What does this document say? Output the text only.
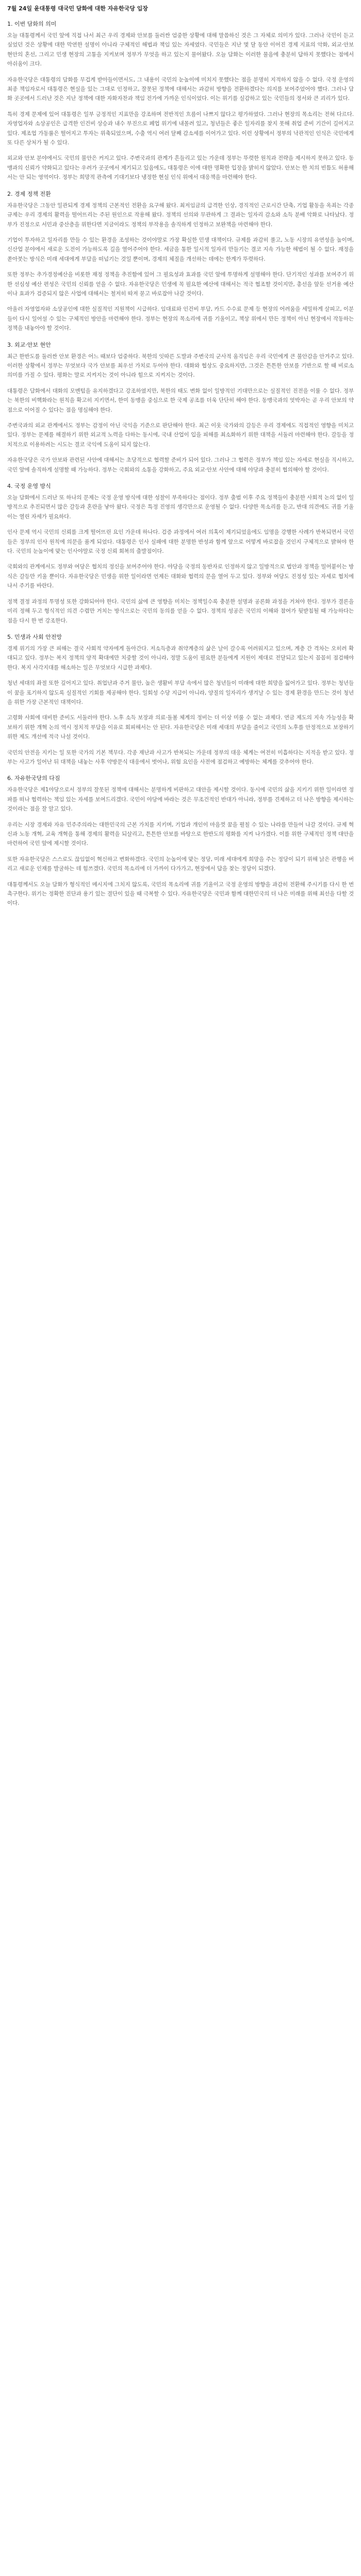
7월 24일 윤대통령 대국민 담화에 대한 자유한국당 입장
1. 이번 담화의 의미

오늘 대통령께서 국민 앞에 직접 나서 최근 우리 경제와 안보를 둘러싼 엄중한 상황에 대해 말씀하신 것은 그 자체로 의미가 있다. 그러나 국민이 듣고 싶었던 것은 상황에 대한 막연한 설명이 아니라 구체적인 해법과 책임 있는 자세였다. 국민들은 지난 몇 달 동안 이어진 경제 지표의 악화, 외교·안보 현안의 혼선, 그리고 민생 현장의 고통을 지켜보며 정부가 무엇을 하고 있는지 물어왔다. 오늘 담화는 이러한 물음에 충분히 답하지 못했다는 점에서 아쉬움이 크다.

자유한국당은 대통령의 담화를 무겁게 받아들이면서도, 그 내용이 국민의 눈높이에 미치지 못했다는 점을 분명히 지적하지 않을 수 없다. 국정 운영의 최종 책임자로서 대통령은 현실을 있는 그대로 인정하고, 잘못된 정책에 대해서는 과감히 방향을 전환하겠다는 의지를 보여주었어야 했다. 그러나 담화 곳곳에서 드러난 것은 지난 정책에 대한 자화자찬과 책임 전가에 가까운 인식이었다. 이는 위기를 실감하고 있는 국민들의 정서와 큰 괴리가 있다.

특히 경제 문제에 있어 대통령은 일부 긍정적인 지표만을 강조하며 전반적인 흐름이 나쁘지 않다고 평가하였다. 그러나 현장의 목소리는 전혀 다르다. 자영업자와 소상공인은 급격한 인건비 상승과 내수 부진으로 폐업 위기에 내몰려 있고, 청년들은 좋은 일자리를 찾지 못해 취업 준비 기간이 길어지고 있다. 제조업 가동률은 떨어지고 투자는 위축되었으며, 수출 역시 여러 달째 감소세를 이어가고 있다. 이런 상황에서 정부의 낙관적인 인식은 국민에게 또 다른 상처가 될 수 있다.

외교와 안보 분야에서도 국민의 불안은 커지고 있다. 주변국과의 관계가 흔들리고 있는 가운데 정부는 뚜렷한 원칙과 전략을 제시하지 못하고 있다. 동맹과의 신뢰가 약화되고 있다는 우려가 곳곳에서 제기되고 있음에도, 대통령은 이에 대한 명확한 입장을 밝히지 않았다. 안보는 한 치의 빈틈도 허용해서는 안 되는 영역이다. 정부는 희망적 관측에 기대기보다 냉정한 현실 인식 위에서 대응책을 마련해야 한다.

2. 경제 정책 전환

자유한국당은 그동안 일관되게 경제 정책의 근본적인 전환을 요구해 왔다. 최저임금의 급격한 인상, 경직적인 근로시간 단축, 기업 활동을 옥죄는 각종 규제는 우리 경제의 활력을 떨어뜨리는 주된 원인으로 작용해 왔다. 정책의 선의와 무관하게 그 결과는 일자리 감소와 소득 분배 악화로 나타났다. 정부가 진정으로 서민과 중산층을 위한다면 지금이라도 정책의 부작용을 솔직하게 인정하고 보완책을 마련해야 한다.

기업이 투자하고 일자리를 만들 수 있는 환경을 조성하는 것이야말로 가장 확실한 민생 대책이다. 규제를 과감히 풀고, 노동 시장의 유연성을 높이며, 신산업 분야에서 새로운 도전이 가능하도록 길을 열어주어야 한다. 세금을 통한 일시적 일자리 만들기는 결코 지속 가능한 해법이 될 수 없다. 재정을 쏟아붓는 방식은 미래 세대에게 부담을 떠넘기는 것일 뿐이며, 경제의 체질을 개선하는 데에는 한계가 뚜렷하다.

또한 정부는 추가경정예산을 비롯한 재정 정책을 추진함에 있어 그 필요성과 효과를 국민 앞에 투명하게 설명해야 한다. 단기적인 성과를 보여주기 위한 선심성 예산 편성은 국민의 신뢰를 얻을 수 없다. 자유한국당은 민생에 꼭 필요한 예산에 대해서는 적극 협조할 것이지만, 총선을 앞둔 선거용 예산이나 효과가 검증되지 않은 사업에 대해서는 철저히 따져 묻고 바로잡아 나갈 것이다.

아울러 자영업자와 소상공인에 대한 실질적인 지원책이 시급하다. 임대료와 인건비 부담, 카드 수수료 문제 등 현장의 어려움을 세밀하게 살피고, 이분들이 다시 일어설 수 있는 구체적인 방안을 마련해야 한다. 정부는 현장의 목소리에 귀를 기울이고, 책상 위에서 만든 정책이 아닌 현장에서 작동하는 정책을 내놓아야 할 것이다.

3. 외교·안보 현안

최근 한반도를 둘러싼 안보 환경은 어느 때보다 엄중하다. 북한의 잇따른 도발과 주변국의 군사적 움직임은 우리 국민에게 큰 불안감을 안겨주고 있다. 이러한 상황에서 정부는 무엇보다 국가 안보를 최우선 가치로 두어야 한다. 대화와 협상도 중요하지만, 그것은 튼튼한 안보를 기반으로 할 때 비로소 의미를 가질 수 있다. 평화는 말로 지켜지는 것이 아니라 힘으로 지켜지는 것이다.

대통령은 담화에서 대화의 모멘텀을 유지하겠다고 강조하였지만, 북한의 태도 변화 없이 일방적인 기대만으로는 실질적인 진전을 이룰 수 없다. 정부는 북한의 비핵화라는 원칙을 확고히 지키면서, 한미 동맹을 중심으로 한 국제 공조를 더욱 단단히 해야 한다. 동맹국과의 엇박자는 곧 우리 안보의 약점으로 이어질 수 있다는 점을 명심해야 한다.

주변국과의 외교 관계에서도 정부는 감정이 아닌 국익을 기준으로 판단해야 한다. 최근 이웃 국가와의 갈등은 우리 경제에도 직접적인 영향을 미치고 있다. 정부는 문제를 해결하기 위한 외교적 노력을 다하는 동시에, 국내 산업이 입을 피해를 최소화하기 위한 대책을 서둘러 마련해야 한다. 갈등을 정치적으로 이용하려는 시도는 결코 국익에 도움이 되지 않는다.

자유한국당은 국가 안보와 관련된 사안에 대해서는 초당적으로 협력할 준비가 되어 있다. 그러나 그 협력은 정부가 책임 있는 자세로 현실을 직시하고, 국민 앞에 솔직하게 설명할 때 가능하다. 정부는 국회와의 소통을 강화하고, 주요 외교·안보 사안에 대해 야당과 충분히 협의해야 할 것이다.

4. 국정 운영 방식

오늘 담화에서 드러난 또 하나의 문제는 국정 운영 방식에 대한 성찰이 부족하다는 점이다. 정부 출범 이후 주요 정책들이 충분한 사회적 논의 없이 일방적으로 추진되면서 많은 갈등과 혼란을 낳아 왔다. 국정은 특정 진영의 생각만으로 운영될 수 없다. 다양한 목소리를 듣고, 반대 의견에도 귀를 기울이는 열린 자세가 필요하다.

인사 문제 역시 국민의 신뢰를 크게 떨어뜨린 요인 가운데 하나다. 검증 과정에서 여러 의혹이 제기되었음에도 임명을 강행한 사례가 반복되면서 국민들은 정부의 인사 원칙에 의문을 품게 되었다. 대통령은 인사 실패에 대한 분명한 반성과 함께 앞으로 어떻게 바로잡을 것인지 구체적으로 밝혀야 한다. 국민의 눈높이에 맞는 인사야말로 국정 신뢰 회복의 출발점이다.

국회와의 관계에서도 정부와 여당은 협치의 정신을 보여주어야 한다. 야당을 국정의 동반자로 인정하지 않고 일방적으로 법안과 정책을 밀어붙이는 방식은 갈등만 키울 뿐이다. 자유한국당은 민생을 위한 일이라면 언제든 대화와 협력의 문을 열어 두고 있다. 정부와 여당도 진정성 있는 자세로 협치에 나서 주기를 바란다.

정책 결정 과정의 투명성 또한 강화되어야 한다. 국민의 삶에 큰 영향을 미치는 정책일수록 충분한 설명과 공론화 과정을 거쳐야 한다. 정부가 결론을 미리 정해 두고 형식적인 의견 수렴만 거치는 방식으로는 국민의 동의를 얻을 수 없다. 정책의 성공은 국민의 이해와 참여가 뒷받침될 때 가능하다는 점을 다시 한 번 강조한다.

5. 민생과 사회 안전망

경제 위기의 가장 큰 피해는 결국 사회적 약자에게 돌아간다. 저소득층과 취약계층의 삶은 날이 갈수록 어려워지고 있으며, 계층 간 격차는 오히려 확대되고 있다. 정부는 복지 정책의 양적 확대에만 치중할 것이 아니라, 정말 도움이 필요한 분들에게 지원이 제대로 전달되고 있는지 꼼꼼히 점검해야 한다. 복지 사각지대를 해소하는 일은 무엇보다 시급한 과제다.

청년 세대의 좌절 또한 깊어지고 있다. 취업난과 주거 불안, 높은 생활비 부담 속에서 많은 청년들이 미래에 대한 희망을 잃어가고 있다. 정부는 청년들이 꿈을 포기하지 않도록 실질적인 기회를 제공해야 한다. 일회성 수당 지급이 아니라, 양질의 일자리가 생겨날 수 있는 경제 환경을 만드는 것이 청년을 위한 가장 근본적인 대책이다.

고령화 사회에 대비한 준비도 서둘러야 한다. 노후 소득 보장과 의료·돌봄 체계의 정비는 더 이상 미룰 수 없는 과제다. 연금 제도의 지속 가능성을 확보하기 위한 개혁 논의 역시 정치적 부담을 이유로 회피해서는 안 된다. 자유한국당은 미래 세대의 부담을 줄이고 국민의 노후를 안정적으로 보장하기 위한 제도 개선에 적극 나설 것이다.

국민의 안전을 지키는 일 또한 국가의 기본 책무다. 각종 재난과 사고가 반복되는 가운데 정부의 대응 체계는 여전히 미흡하다는 지적을 받고 있다. 정부는 사고가 일어난 뒤 대책을 내놓는 사후 약방문식 대응에서 벗어나, 위험 요인을 사전에 점검하고 예방하는 체계를 갖추어야 한다.

6. 자유한국당의 다짐

자유한국당은 제1야당으로서 정부의 잘못된 정책에 대해서는 분명하게 비판하고 대안을 제시할 것이다. 동시에 국민의 삶을 지키기 위한 일이라면 정파를 떠나 협력하는 책임 있는 자세를 보여드리겠다. 국민이 야당에 바라는 것은 무조건적인 반대가 아니라, 정부를 견제하고 더 나은 방향을 제시하는 것이라는 점을 잘 알고 있다.

우리는 시장 경제와 자유 민주주의라는 대한민국의 근본 가치를 지키며, 기업과 개인이 마음껏 꿈을 펼칠 수 있는 나라를 만들어 나갈 것이다. 규제 혁신과 노동 개혁, 교육 개혁을 통해 경제의 활력을 되살리고, 튼튼한 안보를 바탕으로 한반도의 평화를 지켜 나가겠다. 이를 위한 구체적인 정책 대안을 마련하여 국민 앞에 제시할 것이다.

또한 자유한국당은 스스로도 끊임없이 혁신하고 변화하겠다. 국민의 눈높이에 맞는 정당, 미래 세대에게 희망을 주는 정당이 되기 위해 낡은 관행을 버리고 새로운 인재를 발굴하는 데 힘쓰겠다. 국민의 목소리에 더 가까이 다가가고, 현장에서 답을 찾는 정당이 되겠다.

대통령께서도 오늘 담화가 형식적인 메시지에 그치지 않도록, 국민의 목소리에 귀를 기울이고 국정 운영의 방향을 과감히 전환해 주시기를 다시 한 번 촉구한다. 위기는 정확한 진단과 용기 있는 결단이 있을 때 극복할 수 있다. 자유한국당은 국민과 함께 대한민국의 더 나은 미래를 위해 최선을 다할 것이다.
